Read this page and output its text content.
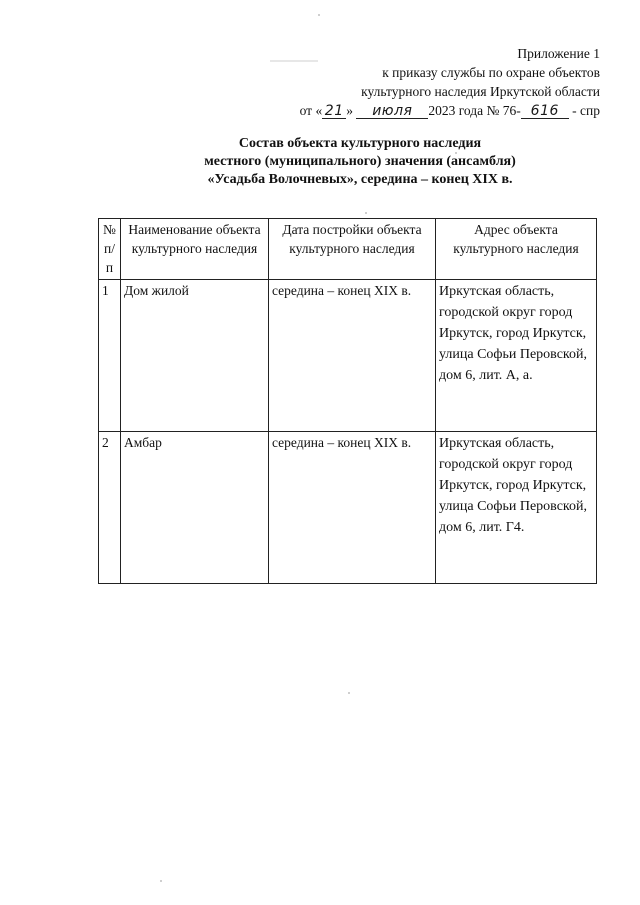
Приложение 1
к приказу службы по охране объектов
культурного наследия Иркутской области
от « 21 » июля 2023 года № 76- 616 - спр
Состав объекта культурного наследия
местного (муниципального) значения (ансамбля)
«Усадьба Волочневых», середина – конец XIX в.
№ п/п	Наименование объекта культурного наследия	Дата постройки объекта культурного наследия	Адрес объекта культурного наследия
1	Дом жилой	середина – конец XIX в.	Иркутская область, городской округ город Иркутск, город Иркутск, улица Софьи Перовской, дом 6, лит. А, а.
2	Амбар	середина – конец XIX в.	Иркутская область, городской округ город Иркутск, город Иркутск, улица Софьи Перовской, дом 6, лит. Г4.
